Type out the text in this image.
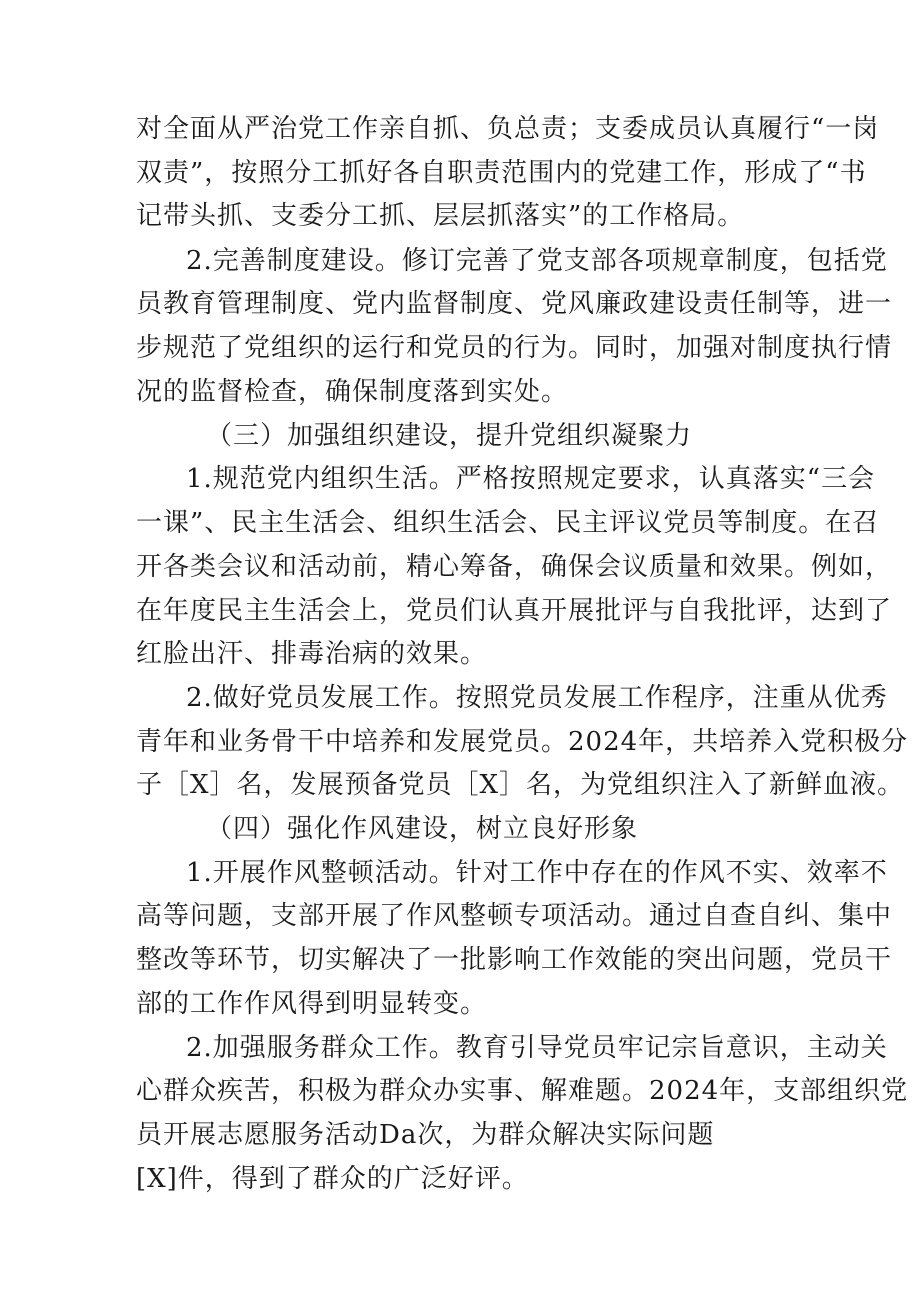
对全面从严治党工作亲自抓、负总责；支委成员认真履行“一岗
双责”，按照分工抓好各自职责范围内的党建工作，形成了“书
记带头抓、支委分工抓、层层抓落实”的工作格局。
2.完善制度建设。修订完善了党支部各项规章制度，包括党
员教育管理制度、党内监督制度、党风廉政建设责任制等，进一
步规范了党组织的运行和党员的行为。同时，加强对制度执行情
况的监督检查，确保制度落到实处。
（三）加强组织建设，提升党组织凝聚力
1.规范党内组织生活。严格按照规定要求，认真落实“三会
一课”、民主生活会、组织生活会、民主评议党员等制度。在召
开各类会议和活动前，精心筹备，确保会议质量和效果。例如，
在年度民主生活会上，党员们认真开展批评与自我批评，达到了
红脸出汗、排毒治病的效果。
2.做好党员发展工作。按照党员发展工作程序，注重从优秀
青年和业务骨干中培养和发展党员。2024年，共培养入党积极分
子［X］名，发展预备党员［X］名，为党组织注入了新鲜血液。
（四）强化作风建设，树立良好形象
1.开展作风整顿活动。针对工作中存在的作风不实、效率不
高等问题，支部开展了作风整顿专项活动。通过自查自纠、集中
整改等环节，切实解决了一批影响工作效能的突出问题，党员干
部的工作作风得到明显转变。
2.加强服务群众工作。教育引导党员牢记宗旨意识，主动关
心群众疾苦，积极为群众办实事、解难题。2024年，支部组织党
员开展志愿服务活动Da次，为群众解决实际问题
[X]件，得到了群众的广泛好评。
